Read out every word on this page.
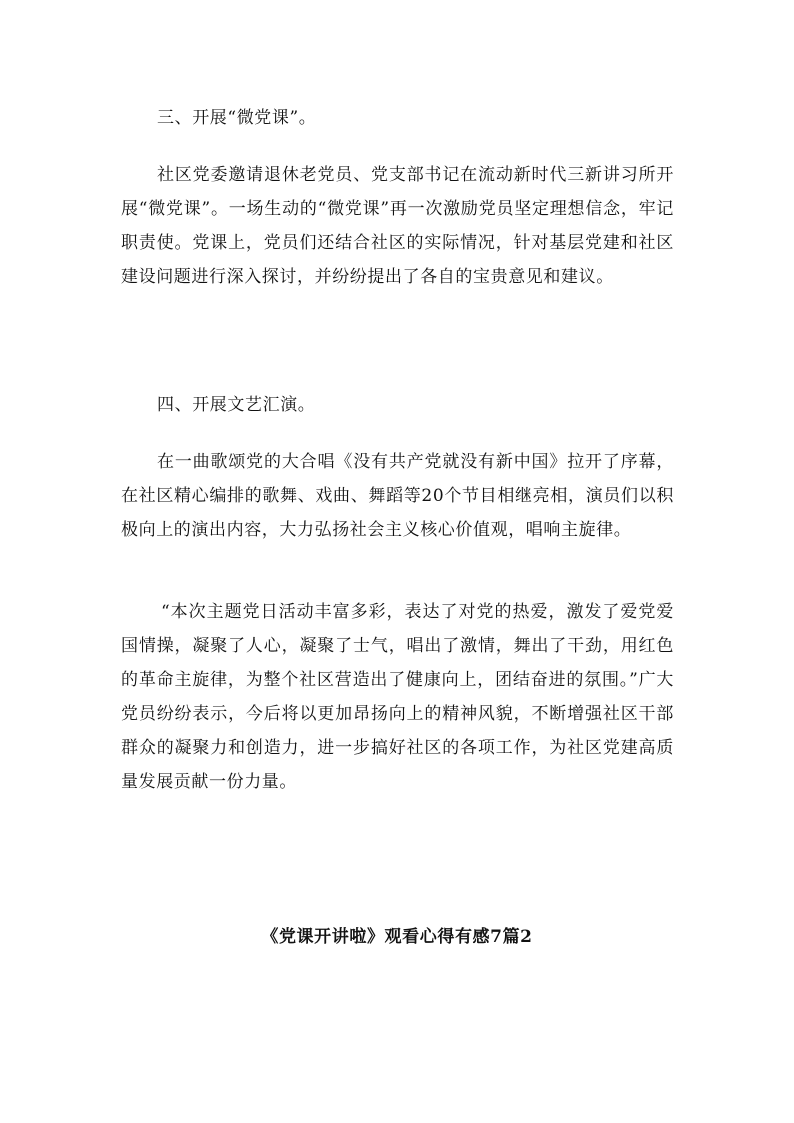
三、开展“微党课”。
社区党委邀请退休老党员、党支部书记在流动新时代三新讲习所开展“微党课”。一场生动的“微党课”再一次激励党员坚定理想信念，牢记职责使。党课上，党员们还结合社区的实际情况，针对基层党建和社区建设问题进行深入探讨，并纷纷提出了各自的宝贵意见和建议。
四、开展文艺汇演。
在一曲歌颂党的大合唱《没有共产党就没有新中国》拉开了序幕，在社区精心编排的歌舞、戏曲、舞蹈等20个节目相继亮相，演员们以积极向上的演出内容，大力弘扬社会主义核心价值观，唱响主旋律。
“本次主题党日活动丰富多彩，表达了对党的热爱，激发了爱党爱国情操，凝聚了人心，凝聚了士气，唱出了激情，舞出了干劲，用红色的革命主旋律，为整个社区营造出了健康向上，团结奋进的氛围。”广大党员纷纷表示，今后将以更加昂扬向上的精神风貌，不断增强社区干部群众的凝聚力和创造力，进一步搞好社区的各项工作，为社区党建高质量发展贡献一份力量。
《党课开讲啦》观看心得有感7篇2
